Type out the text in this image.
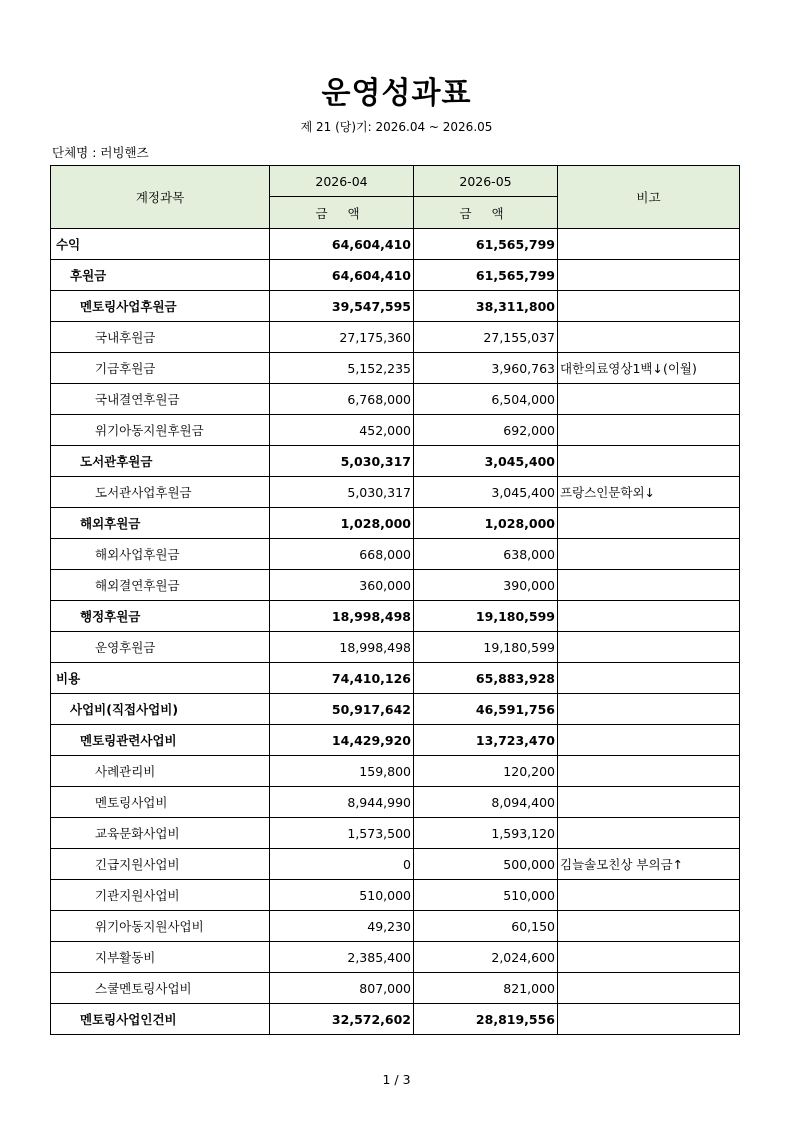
운영성과표
제 21 (당)기: 2026.04 ~ 2026.05
단체명 : 러빙핸즈
계정과목	2026-04	2026-05	비고
	금 액	금 액	
수익	64,604,410	61,565,799	
후원금	64,604,410	61,565,799	
멘토링사업후원금	39,547,595	38,311,800	
국내후원금	27,175,360	27,155,037	
기금후원금	5,152,235	3,960,763	대한의료영상1백↓(이월)
국내결연후원금	6,768,000	6,504,000	
위기아동지원후원금	452,000	692,000	
도서관후원금	5,030,317	3,045,400	
도서관사업후원금	5,030,317	3,045,400	프랑스인문학외↓
해외후원금	1,028,000	1,028,000	
해외사업후원금	668,000	638,000	
해외결연후원금	360,000	390,000	
행정후원금	18,998,498	19,180,599	
운영후원금	18,998,498	19,180,599	
비용	74,410,126	65,883,928	
사업비(직접사업비)	50,917,642	46,591,756	
멘토링관련사업비	14,429,920	13,723,470	
사례관리비	159,800	120,200	
멘토링사업비	8,944,990	8,094,400	
교육문화사업비	1,573,500	1,593,120	
긴급지원사업비	0	500,000	김늘솔모친상 부의금↑
기관지원사업비	510,000	510,000	
위기아동지원사업비	49,230	60,150	
지부활동비	2,385,400	2,024,600	
스쿨멘토링사업비	807,000	821,000	
멘토링사업인건비	32,572,602	28,819,556	
1 / 3
